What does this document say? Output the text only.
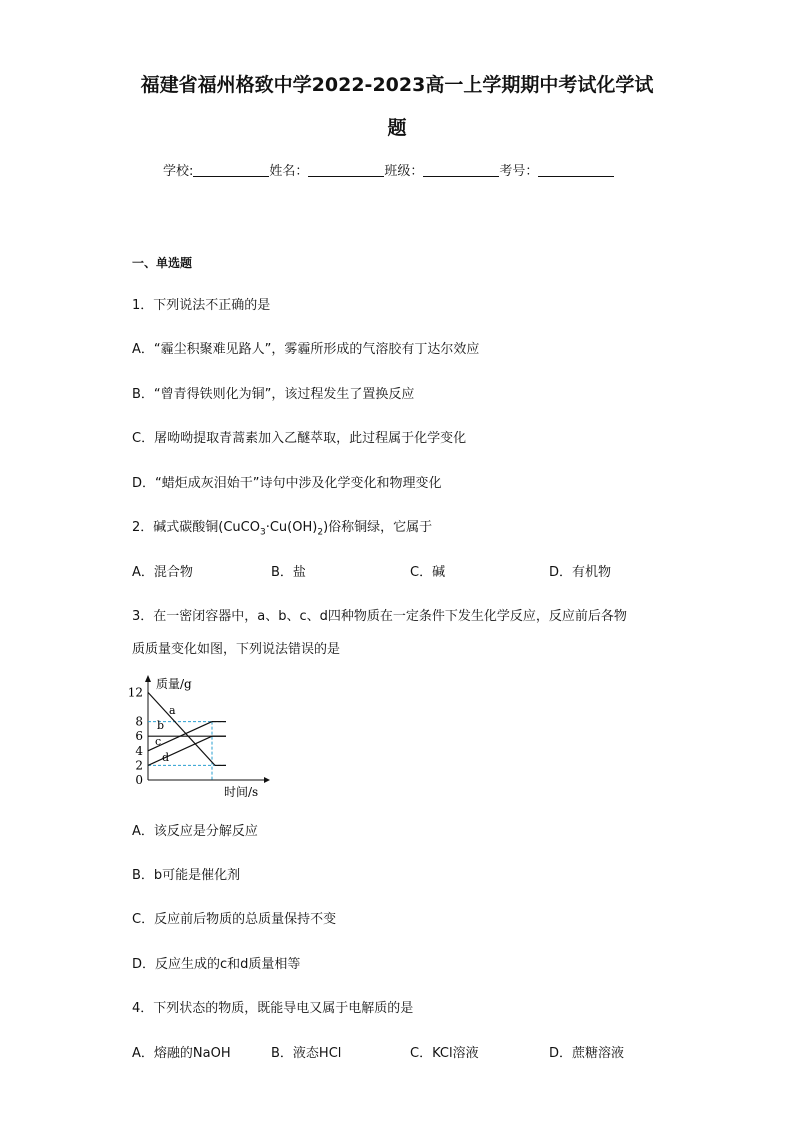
福建省福州格致中学2022-2023高一上学期期中考试化学试
题
学校:	姓名：	班级：	考号：
一、单选题
1．下列说法不正确的是
A．“霾尘积聚难见路人”，雾霾所形成的气溶胶有丁达尔效应
B．“曾青得铁则化为铜”，该过程发生了置换反应
C．屠呦呦提取青蒿素加入乙醚萃取，此过程属于化学变化
D．“蜡炬成灰泪始干”诗句中涉及化学变化和物理变化
2．碱式碳酸铜$(CuCO_3\cdot Cu(OH)_2)$俗称铜绿，它属于
A．混合物	B．盐	C．碱	D．有机物
3．在一密闭容器中，a、b、c、d四种物质在一定条件下发生化学反应，反应前后各物
质质量变化如图，下列说法错误的是
质量/g
时间/s
0
2
4
6
8
12
a
b
c
d
A．该反应是分解反应
B．b可能是催化剂
C．反应前后物质的总质量保持不变
D．反应生成的c和d质量相等
4．下列状态的物质，既能导电又属于电解质的是
A．熔融的NaOH	B．液态HCl	C．KCl溶液	D．蔗糖溶液
